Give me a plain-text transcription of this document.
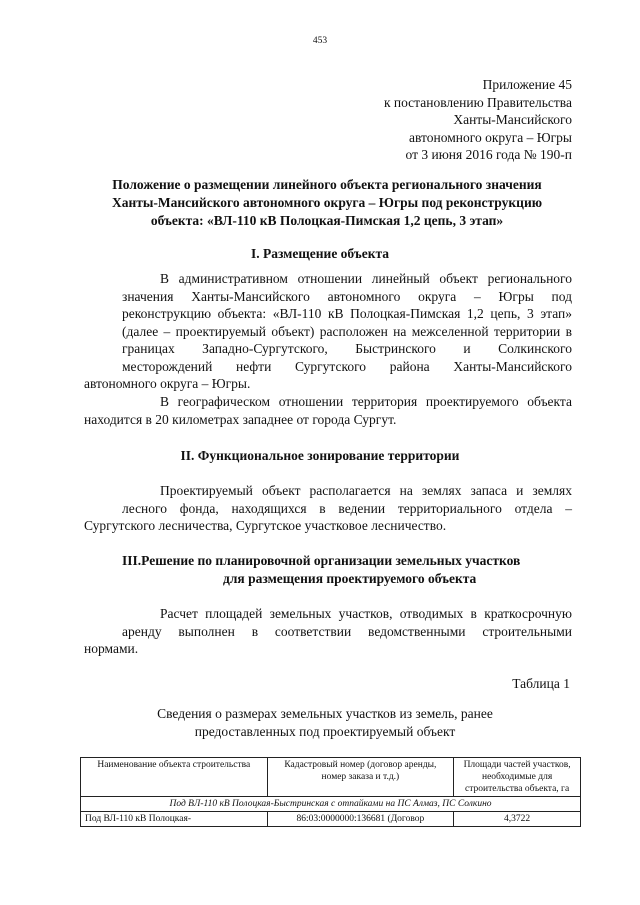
453
Приложение 45
к постановлению Правительства
Ханты-Мансийского
автономного округа – Югры
от 3 июня 2016 года № 190-п
Положение о размещении линейного объекта регионального значения
Ханты-Мансийского автономного округа – Югры под реконструкцию
объекта: «ВЛ-110 кВ Полоцкая-Пимская 1,2 цепь, 3 этап»
I. Размещение объекта
В административном отношении линейный объект регионального
значения Ханты-Мансийского автономного округа – Югры под
реконструкцию объекта: «ВЛ-110 кВ Полоцкая-Пимская 1,2 цепь, 3 этап»
(далее – проектируемый объект) расположен на межселенной территории в
границах Западно-Сургутского, Быстринского и Солкинского
месторождений нефти Сургутского района Ханты-Мансийского
автономного округа – Югры.
В географическом отношении территория проектируемого объекта
находится в 20 километрах западнее от города Сургут.
II. Функциональное зонирование территории
Проектируемый объект располагается на землях запаса и землях
лесного фонда, находящихся в ведении территориального отдела –
Сургутского лесничества, Сургутское участковое лесничество.
III.Решение по планировочной организации земельных участков
для размещения проектируемого объекта
Расчет площадей земельных участков, отводимых в краткосрочную
аренду выполнен в соответствии ведомственными строительными
нормами.
Таблица 1
Сведения о размерах земельных участков из земель, ранее
предоставленных под проектируемый объект
Наименование объекта строительства	Кадастровый номер (договор аренды, номер заказа и т.д.)	Площади частей участков, необходимые для строительства объекта, га
Под ВЛ-110 кВ Полоцкая-Быстринская с отпайками на ПС Алмаз, ПС Солкино		
Под ВЛ-110 кВ Полоцкая-	86:03:0000000:136681 (Договор	4,3722
